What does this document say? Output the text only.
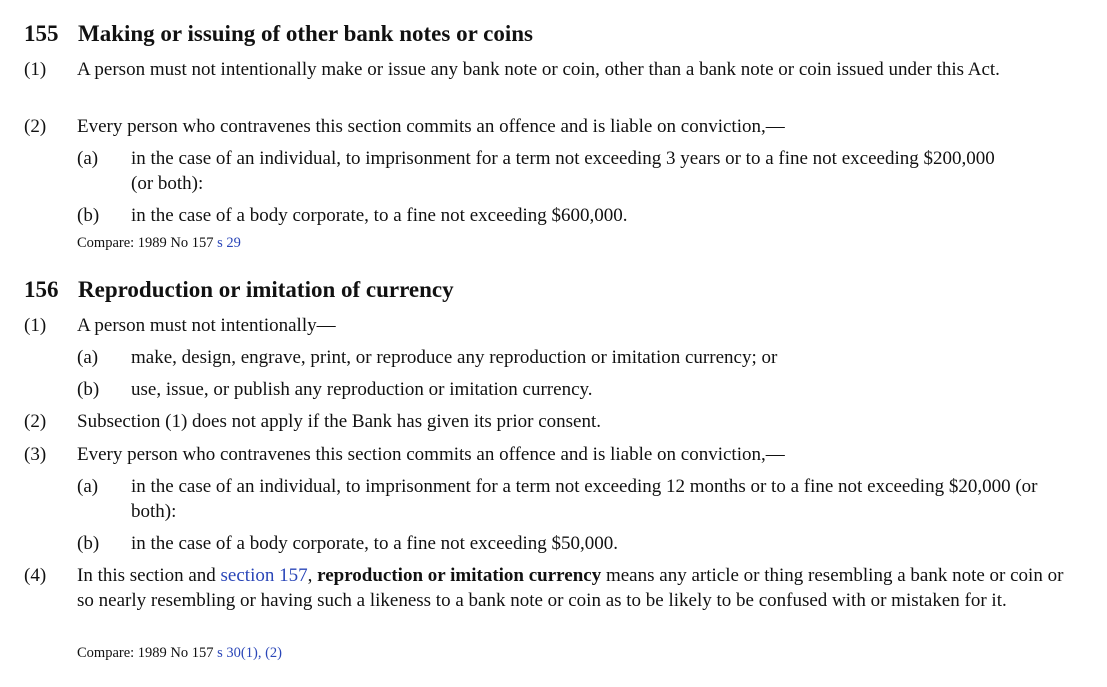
155 Making or issuing of other bank notes or coins
(1)	A person must not intentionally make or issue any bank note or coin, other than a bank note or coin issued under this Act.
(2)	Every person who contravenes this section commits an offence and is liable on conviction,—
(a)	in the case of an individual, to imprisonment for a term not exceeding 3 years or to a fine not exceeding $200,000 (or both):
(b)	in the case of a body corporate, to a fine not exceeding $600,000.
Compare: 1989 No 157 s 29
156 Reproduction or imitation of currency
(1)	A person must not intentionally—
(a)	make, design, engrave, print, or reproduce any reproduction or imitation currency; or
(b)	use, issue, or publish any reproduction or imitation currency.
(2)	Subsection (1) does not apply if the Bank has given its prior consent.
(3)	Every person who contravenes this section commits an offence and is liable on conviction,—
(a)	in the case of an individual, to imprisonment for a term not exceeding 12 months or to a fine not exceeding $20,000 (or both):
(b)	in the case of a body corporate, to a fine not exceeding $50,000.
(4)	In this section and section 157, reproduction or imitation currency means any article or thing resembling a bank note or coin or so nearly resembling or having such a likeness to a bank note or coin as to be likely to be confused with or mistaken for it.
Compare: 1989 No 157 s 30(1), (2)
